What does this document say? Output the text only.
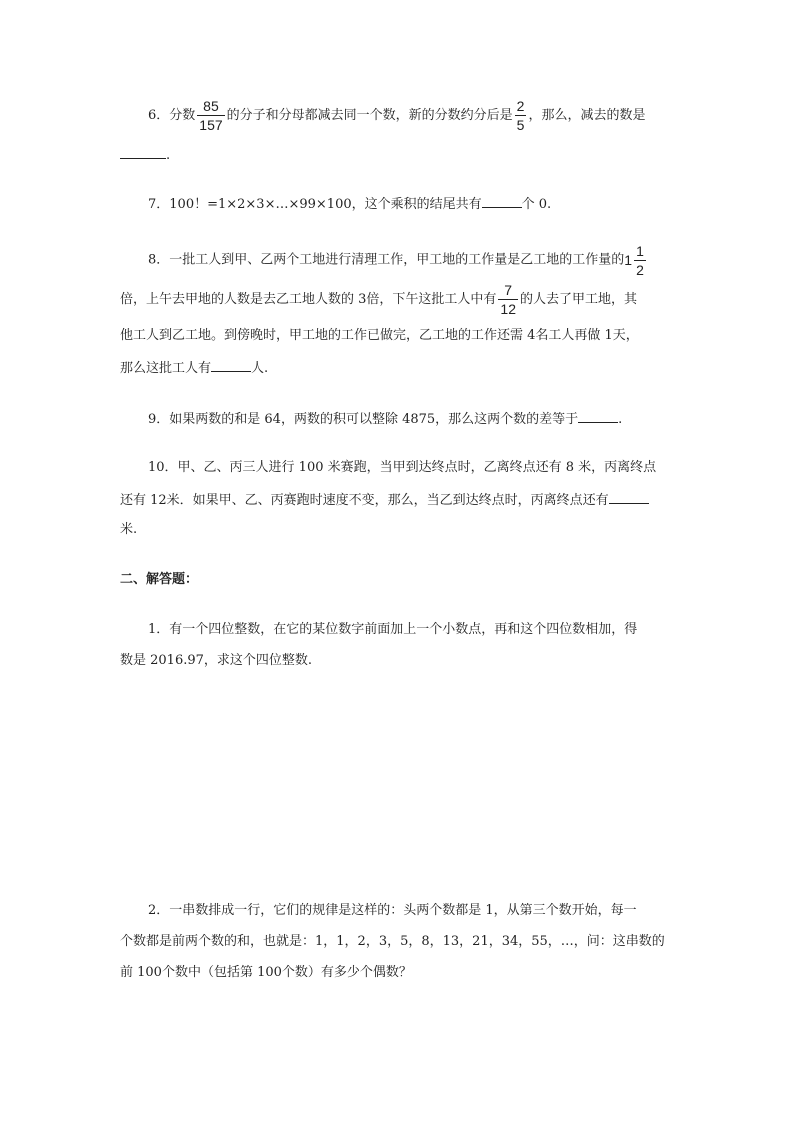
6．分数 $\frac{85}{157}$ 的分子和分母都减去同一个数，新的分数约分后是 $\frac{2}{5}$ ，那么，减去的数是
.
7．100！=1×2×3×…×99×100，这个乘积的结尾共有	个 0.
8．一批工人到甲、乙两个工地进行清理工作，甲工地的工作量是乙工地的工作量的$1 \frac{1}{2}$
倍，上午去甲地的人数是去乙工地人数的 3倍，下午这批工人中有 $\frac{7}{12}$ 的人去了甲工地，其
他工人到乙工地。到傍晚时，甲工地的工作已做完，乙工地的工作还需 4名工人再做 1天，
那么这批工人有	人.
9．如果两数的和是 64，两数的积可以整除 4875，那么这两个数的差等于	.
10．甲、乙、丙三人进行 100 米赛跑，当甲到达终点时，乙离终点还有 8 米，丙离终点
还有 12米．如果甲、乙、丙赛跑时速度不变，那么，当乙到达终点时，丙离终点还有
米.
二、解答题：
1．有一个四位整数，在它的某位数字前面加上一个小数点，再和这个四位数相加，得
数是 2016.97，求这个四位整数.
2．一串数排成一行，它们的规律是这样的：头两个数都是 1，从第三个数开始，每一
个数都是前两个数的和，也就是：1，1，2，3，5，8，13，21，34，55，…，问：这串数的
前 100个数中（包括第 100个数）有多少个偶数？
